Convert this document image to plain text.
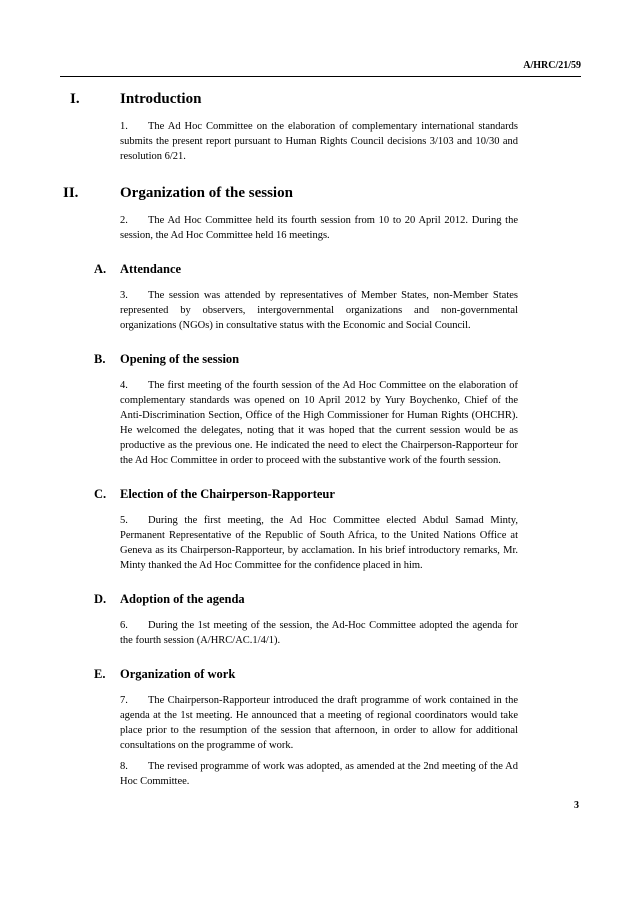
A/HRC/21/59
I.	Introduction

1. The Ad Hoc Committee on the elaboration of complementary international standards submits the present report pursuant to Human Rights Council decisions 3/103 and 10/30 and resolution 6/21.

II.	Organization of the session

2. The Ad Hoc Committee held its fourth session from 10 to 20 April 2012. During the session, the Ad Hoc Committee held 16 meetings.

A. Attendance

3. The session was attended by representatives of Member States, non-Member States represented by observers, intergovernmental organizations and non-governmental organizations (NGOs) in consultative status with the Economic and Social Council.

B. Opening of the session

4. The first meeting of the fourth session of the Ad Hoc Committee on the elaboration of complementary standards was opened on 10 April 2012 by Yury Boychenko, Chief of the Anti-Discrimination Section, Office of the High Commissioner for Human Rights (OHCHR). He welcomed the delegates, noting that it was hoped that the current session would be as productive as the previous one. He indicated the need to elect the Chairperson-Rapporteur for the Ad Hoc Committee in order to proceed with the substantive work of the fourth session.

C. Election of the Chairperson-Rapporteur

5. During the first meeting, the Ad Hoc Committee elected Abdul Samad Minty, Permanent Representative of the Republic of South Africa, to the United Nations Office at Geneva as its Chairperson-Rapporteur, by acclamation. In his brief introductory remarks, Mr. Minty thanked the Ad Hoc Committee for the confidence placed in him.

D. Adoption of the agenda

6. During the 1st meeting of the session, the Ad-Hoc Committee adopted the agenda for the fourth session (A/HRC/AC.1/4/1).

E. Organization of work

7. The Chairperson-Rapporteur introduced the draft programme of work contained in the agenda at the 1st meeting. He announced that a meeting of regional coordinators would take place prior to the resumption of the session that afternoon, in order to allow for additional consultations on the programme of work.

8. The revised programme of work was adopted, as amended at the 2nd meeting of the Ad Hoc Committee.

3
